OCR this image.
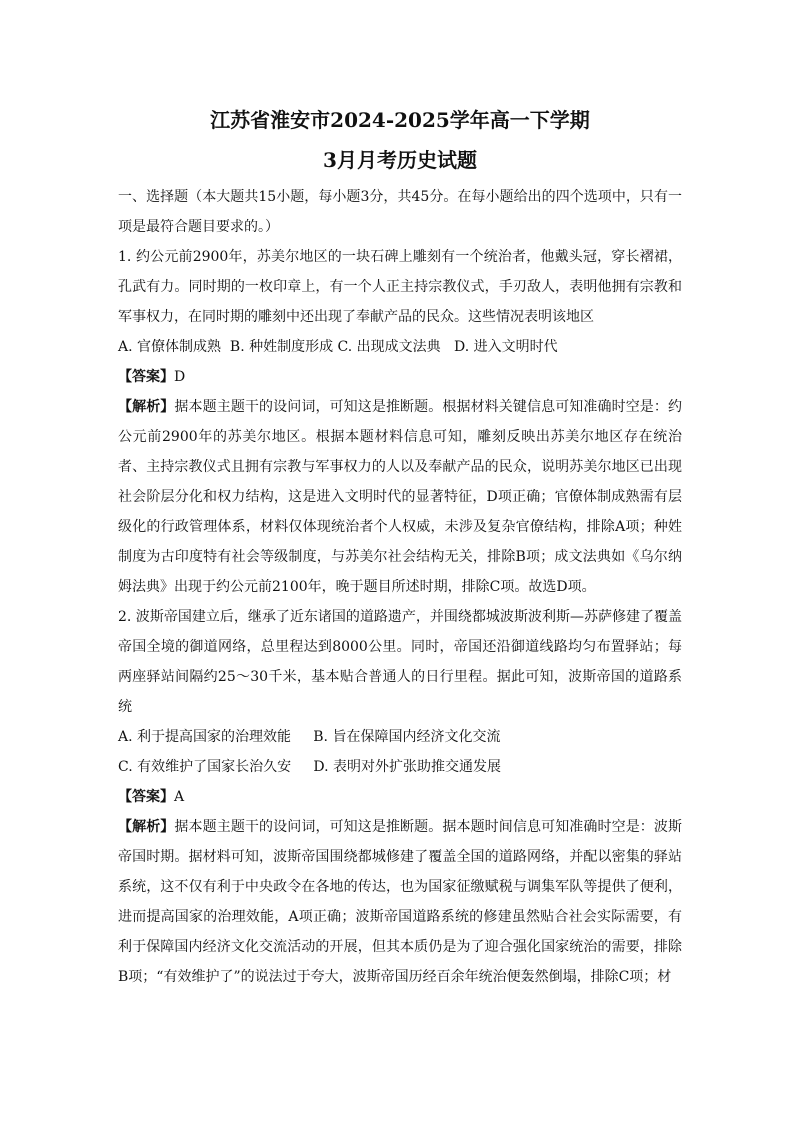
江苏省淮安市2024-2025学年高一下学期
3月月考历史试题

一、选择题（本大题共15小题，每小题3分，共45分。在每小题给出的四个选项中，只有一项是最符合题目要求的。）

1. 约公元前2900年，苏美尔地区的一块石碑上雕刻有一个统治者，他戴头冠，穿长褶裙，孔武有力。同时期的一枚印章上，有一个人正主持宗教仪式，手刃敌人，表明他拥有宗教和军事权力，在同时期的雕刻中还出现了奉献产品的民众。这些情况表明该地区

A. 官僚体制成熟  B. 种姓制度形成 C. 出现成文法典   D. 进入文明时代

【答案】D

【解析】据本题主题干的设问词，可知这是推断题。根据材料关键信息可知准确时空是：约公元前2900年的苏美尔地区。根据本题材料信息可知，雕刻反映出苏美尔地区存在统治者、主持宗教仪式且拥有宗教与军事权力的人以及奉献产品的民众，说明苏美尔地区已出现社会阶层分化和权力结构，这是进入文明时代的显著特征，D项正确；官僚体制成熟需有层级化的行政管理体系，材料仅体现统治者个人权威，未涉及复杂官僚结构，排除A项；种姓制度为古印度特有社会等级制度，与苏美尔社会结构无关，排除B项；成文法典如《乌尔纳姆法典》出现于约公元前2100年，晚于题目所述时期，排除C项。故选D项。

2. 波斯帝国建立后，继承了近东诸国的道路遗产，并围绕都城波斯波利斯—苏萨修建了覆盖帝国全境的御道网络，总里程达到8000公里。同时，帝国还沿御道线路均匀布置驿站；每两座驿站间隔约25～30千米，基本贴合普通人的日行里程。据此可知，波斯帝国的道路系统

A. 利于提高国家的治理效能     B. 旨在保障国内经济文化交流

C. 有效维护了国家长治久安     D. 表明对外扩张助推交通发展

【答案】A

【解析】据本题主题干的设问词，可知这是推断题。据本题时间信息可知准确时空是：波斯帝国时期。据材料可知，波斯帝国围绕都城修建了覆盖全国的道路网络，并配以密集的驿站系统，这不仅有利于中央政令在各地的传达，也为国家征缴赋税与调集军队等提供了便利，进而提高国家的治理效能，A项正确；波斯帝国道路系统的修建虽然贴合社会实际需要，有利于保障国内经济文化交流活动的开展，但其本质仍是为了迎合强化国家统治的需要，排除B项；“有效维护了”的说法过于夸大，波斯帝国历经百余年统治便轰然倒塌，排除C项；材
